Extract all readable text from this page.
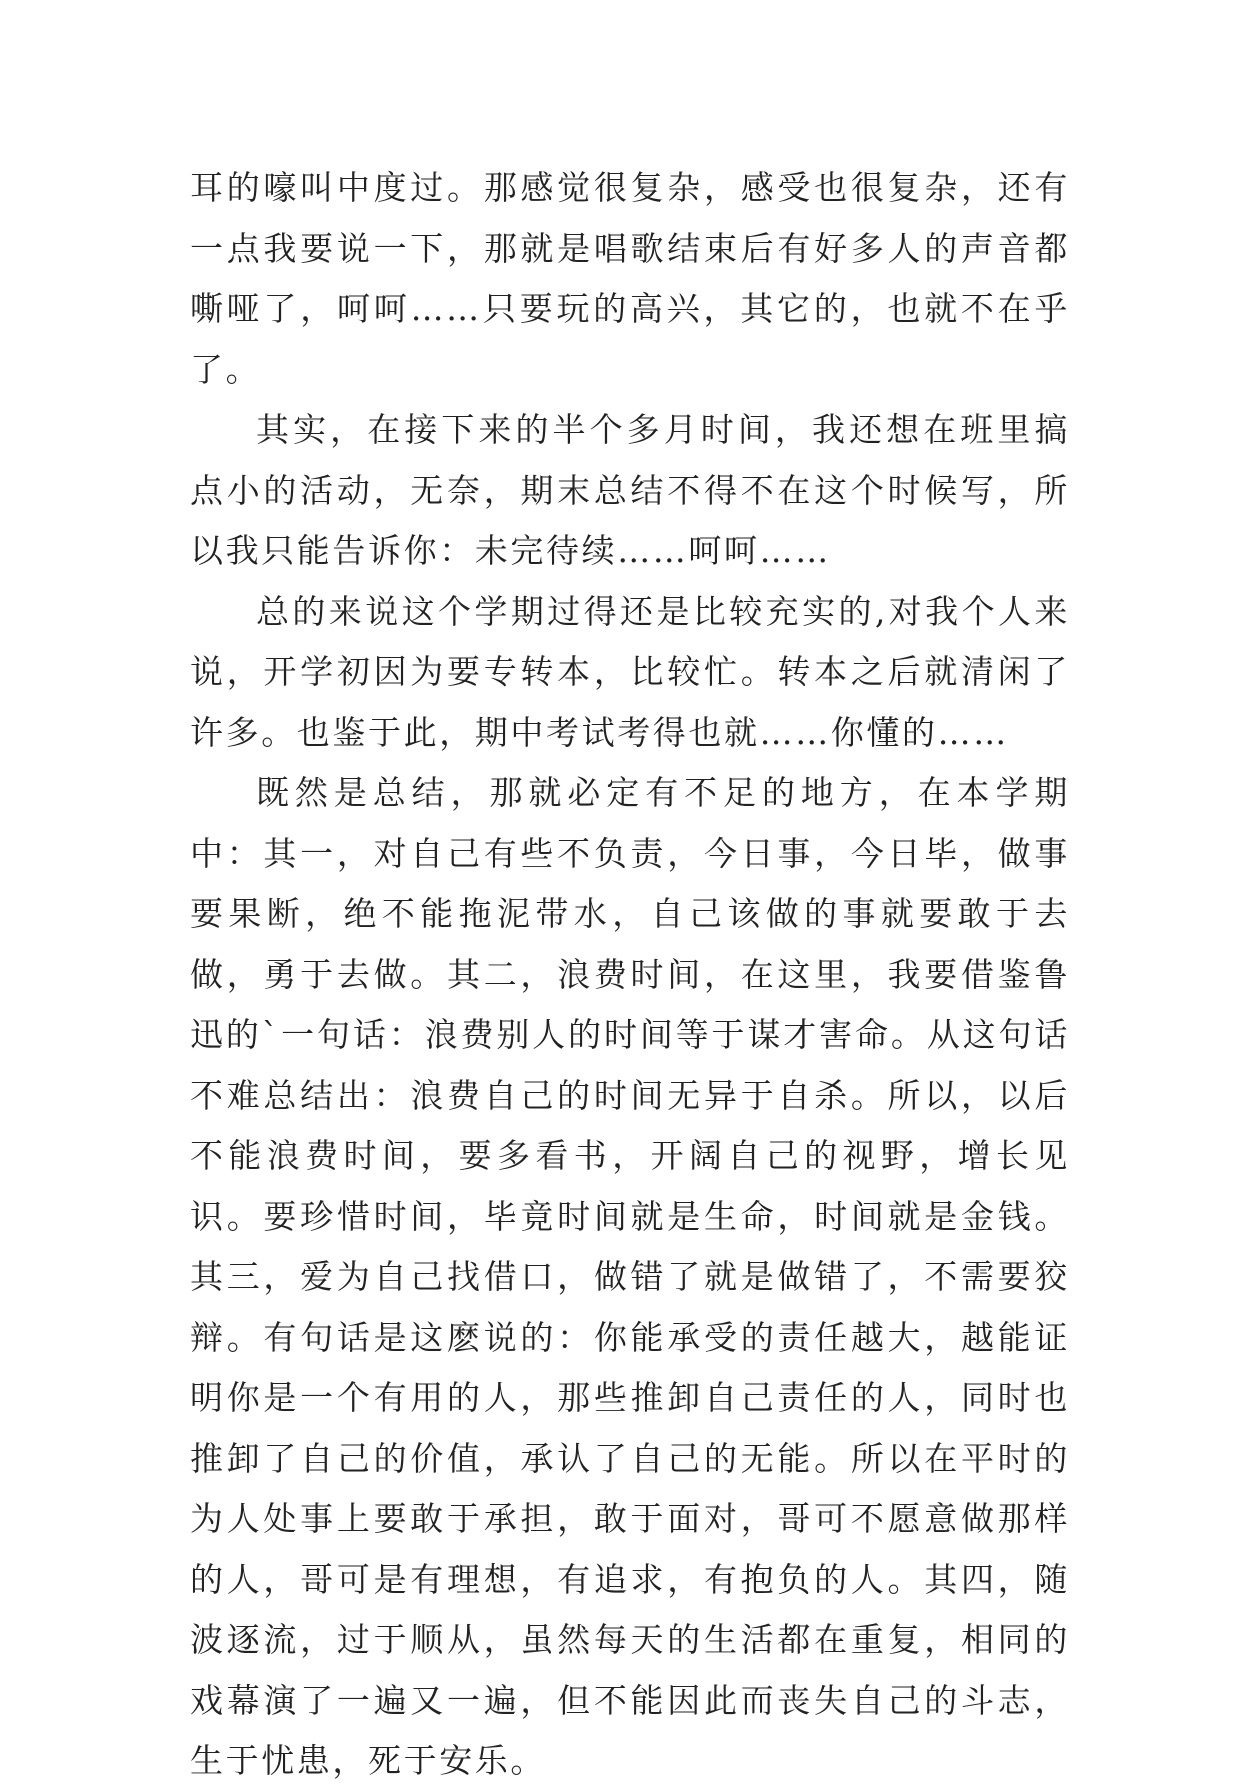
耳的嚎叫中度过。那感觉很复杂，感受也很复杂，还有一点我要说一下，那就是唱歌结束后有好多人的声音都嘶哑了，呵呵……只要玩的高兴，其它的，也就不在乎了。

其实，在接下来的半个多月时间，我还想在班里搞点小的活动，无奈，期末总结不得不在这个时候写，所以我只能告诉你：未完待续……呵呵……

总的来说这个学期过得还是比较充实的,对我个人来说，开学初因为要专转本，比较忙。转本之后就清闲了许多。也鉴于此，期中考试考得也就……你懂的……

既然是总结，那就必定有不足的地方，在本学期中：其一，对自己有些不负责，今日事，今日毕，做事要果断，绝不能拖泥带水，自己该做的事就要敢于去做，勇于去做。其二，浪费时间，在这里，我要借鉴鲁迅的`一句话：浪费别人的时间等于谋才害命。从这句话不难总结出：浪费自己的时间无异于自杀。所以，以后不能浪费时间，要多看书，开阔自己的视野，增长见识。要珍惜时间，毕竟时间就是生命，时间就是金钱。其三，爱为自己找借口，做错了就是做错了，不需要狡辩。有句话是这麽说的：你能承受的责任越大，越能证明你是一个有用的人，那些推卸自己责任的人，同时也推卸了自己的价值，承认了自己的无能。所以在平时的为人处事上要敢于承担，敢于面对，哥可不愿意做那样的人，哥可是有理想，有追求，有抱负的人。其四，随波逐流，过于顺从，虽然每天的生活都在重复，相同的戏幕演了一遍又一遍，但不能因此而丧失自己的斗志，生于忧患，死于安乐。
